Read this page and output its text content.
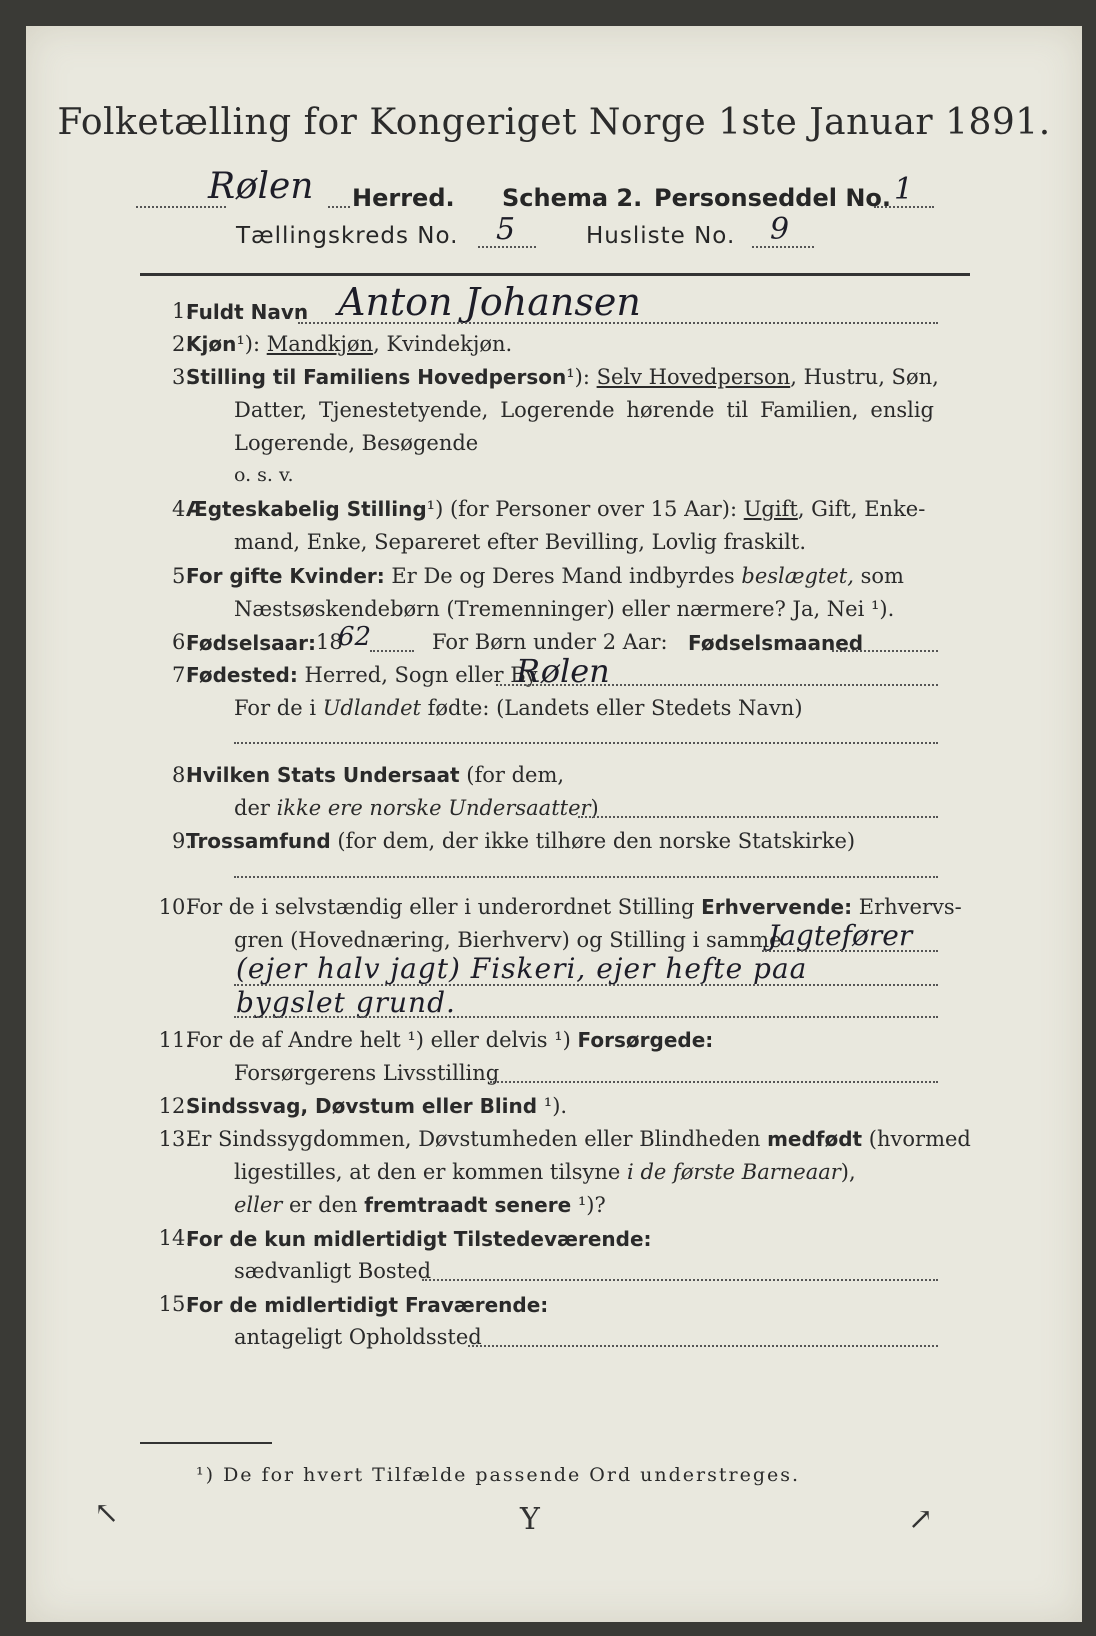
Folketælling for Kongeriget Norge 1ste Januar 1891.
Rølen Herred. Schema 2. Personseddel No. 1
Tællingskreds No. 5	Husliste No. 9
1.
Fuldt Navn Anton Johansen
2.
Kjøn¹): Mandkjøn, Kvindekjøn.
3.
Stilling til Familiens Hovedperson¹): Selv Hovedperson, Hustru, Søn,
Datter, Tjenestetyende, Logerende hørende til Familien, enslig
Logerende, Besøgende
o. s. v.
4.
Ægteskabelig Stilling¹) (for Personer over 15 Aar): Ugift, Gift, Enke-
mand, Enke, Separeret efter Bevilling, Lovlig fraskilt.
5.
For gifte Kvinder: Er De og Deres Mand indbyrdes beslægtet, som
Næstsøskendebørn (Tremenninger) eller nærmere? Ja, Nei ¹).
6.
Fødselsaar: 18
62	For Børn under 2 Aar: Fødselsmaaned
7.
Fødested: Herred, Sogn eller By
Rølen
For de i Udlandet fødte: (Landets eller Stedets Navn)
8.
Hvilken Stats Undersaat (for dem,
der ikke ere norske Undersaatter)
9.
Trossamfund (for dem, der ikke tilhøre den norske Statskirke)
10.
For de i selvstændig eller i underordnet Stilling Erhvervende: Erhvervs-
gren (Hovednæring, Bierhverv) og Stilling i samme
Jagtefører
(ejer halv jagt) Fiskeri, ejer hefte paa
bygslet grund.
11.
For de af Andre helt ¹) eller delvis ¹) Forsørgede:
Forsørgerens Livsstilling
12.
Sindssvag, Døvstum eller Blind ¹).
13.
Er Sindssygdommen, Døvstumheden eller Blindheden medfødt (hvormed
ligestilles, at den er kommen tilsyne i de første Barneaar),
eller er den fremtraadt senere ¹)?
14.
For de kun midlertidigt Tilstedeværende:
sædvanligt Bosted
15.
For de midlertidigt Fraværende:
antageligt Opholdssted
¹) De for hvert Tilfælde passende Ord understreges.
↖	Y	↗
